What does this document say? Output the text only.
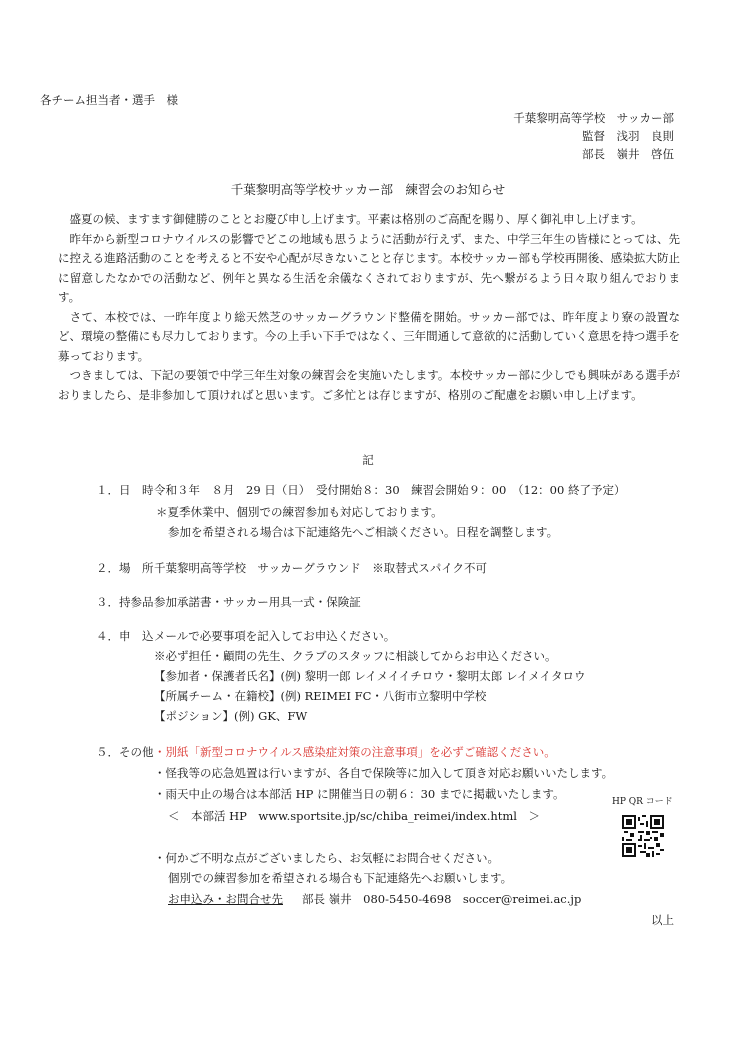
各チーム担当者・選手　様
千葉黎明高等学校　サッカー部
監督　浅羽　良則
部長　嶺井　啓伍
千葉黎明高等学校サッカー部　練習会のお知らせ

　盛夏の候、ますます御健勝のこととお慶び申し上げます。平素は格別のご高配を賜り、厚く御礼申し上げます。

　昨年から新型コロナウイルスの影響でどこの地域も思うように活動が行えず、また、中学三年生の皆様にとっては、先に控える進路活動のことを考えると不安や心配が尽きないことと存じます。本校サッカー部も学校再開後、感染拡大防止に留意したなかでの活動など、例年と異なる生活を余儀なくされておりますが、先へ繋がるよう日々取り組んでおります。

　さて、本校では、一昨年度より総天然芝のサッカーグラウンド整備を開始。サッカー部では、昨年度より寮の設置など、環境の整備にも尽力しております。今の上手い下手ではなく、三年間通して意欲的に活動していく意思を持つ選手を募っております。

　つきましては、下記の要領で中学三年生対象の練習会を実施いたします。本校サッカー部に少しでも興味がある選手がおりましたら、是非参加して頂ければと思います。ご多忙とは存じますが、格別のご配慮をお願い申し上げます。

記
１．日　時 令和３年　８月　29 日（日）　受付開始８：30　練習会開始９：00　（12：00 終了予定）
＊夏季休業中、個別での練習参加も対応しております。
参加を希望される場合は下記連絡先へご相談ください。日程を調整します。
２．場　所 千葉黎明高等学校　サッカーグラウンド　※取替式スパイク不可
３．持参品 参加承諾書・サッカー用具一式・保険証
４．申　込 メールで必要事項を記入してお申込ください。
※必ず担任・顧問の先生、クラブのスタッフに相談してからお申込ください。
【参加者・保護者氏名】(例) 黎明一郎 レイメイイチロウ・黎明太郎 レイメイタロウ
【所属チーム・在籍校】(例) REIMEI FC・八街市立黎明中学校
【ポジション】(例) GK、FW
５．その他 ・別紙「新型コロナウイルス感染症対策の注意事項」を必ずご確認ください。
・怪我等の応急処置は行いますが、各自で保険等に加入して頂き対応お願いいたします。
・雨天中止の場合は本部活 HP に開催当日の朝６：30 までに掲載いたします。
＜　本部活 HP　www.sportsite.jp/sc/chiba_reimei/index.html　＞
・何かご不明な点がございましたら、お気軽にお問合せください。
個別での練習参加を希望される場合も下記連絡先へお願いします。
お申込み・お問合せ先 部長 嶺井　080-5450-4698　soccer@reimei.ac.jp
HP QR コード
以上
